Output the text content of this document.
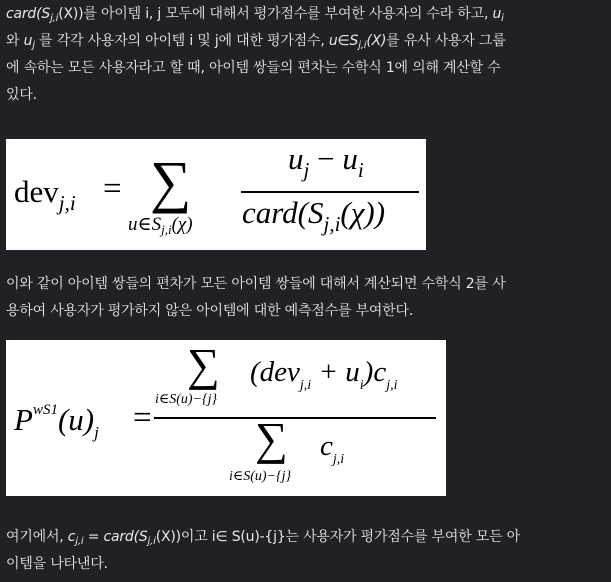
$card(S_{j,i}(X))$를 아이템 i, j 모두에 대해서 평가점수를 부여한 사용자의 수라 하고, $u_i$
와 $u_j$ 를 각각 사용자의 아이템 i 및 j에 대한 평가점수, $u\in S_{j,i}(X)$를 유사 사용자 그룹
에 속하는 모든 사용자라고 할 때, 아이템 쌍들의 편차는 수학식 1에 의해 계산할 수
있다.
dev$_{j,i}$ = ∑
$u\in S_{j,i}(\chi)$
$u_j - u_i$
$card(S_{j,i}(\chi))$
이와 같이 아이템 쌍들의 편차가 모든 아이템 쌍들에 대해서 계산되면 수학식 2를 사
용하여 사용자가 평가하지 않은 아이템에 대한 예측점수를 부여한다.
$P^{wS1}(u)_j$ =
∑
i∈S(u)−{j}
$(dev_{j,i} + u_i)c_{j,i}$
∑
i∈S(u)−{j}
$c_{j,i}$
여기에서, $c_{j,i}$ = $card(S_{j,i}(X))$이고 i∈ S(u)-{j}는 사용자가 평가점수를 부여한 모든 아
이템을 나타낸다.
